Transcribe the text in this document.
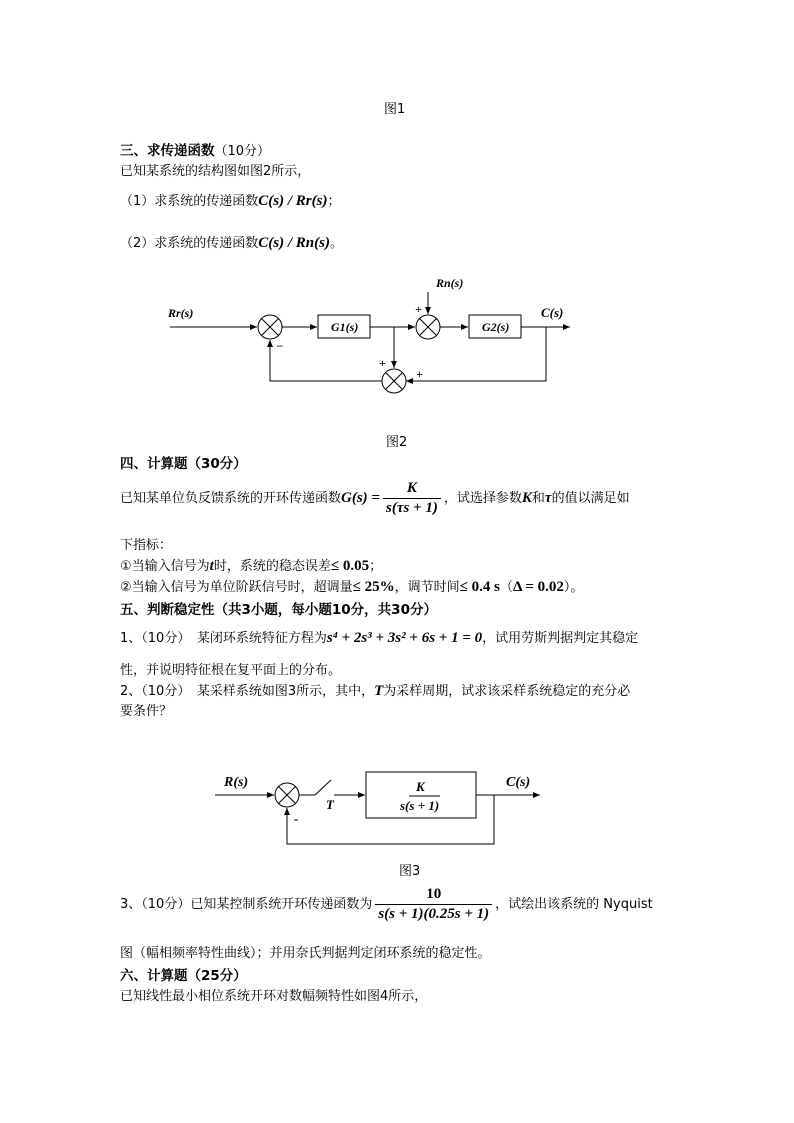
图1
三、求传递函数（10分）
已知某系统的结构图如图2所示，
（1）求系统的传递函数C(s) / Rr(s)；
（2）求系统的传递函数C(s) / Rn(s)。
Rr(s)
Rn(s)
G1(s)	G2(s)
C(s)
−
+
+
+
图2
四、计算题（30分）
已知某单位负反馈系统的开环传递函数$G(s) = \frac{K}{s(\tau s + 1)}$ ，试选择参数K和τ的值以满足如
下指标：
①当输入信号为t时，系统的稳态误差≤ 0.05；
②当输入信号为单位阶跃信号时，超调量≤ 25%，调节时间≤ 0.4 s（Δ = 0.02）。
五、判断稳定性（共3小题，每小题10分，共30分）
1、（10分）　某闭环系统特征方程为s⁴ + 2s³ + 3s² + 6s + 1 = 0，试用劳斯判据判定其稳定
性，并说明特征根在复平面上的分布。
2、（10分）　某采样系统如图3所示，其中，T为采样周期，试求该采样系统稳定的充分必
要条件？
R(s)
T
K
s(s + 1)
C(s)
-
图3
3、（10分）已知某控制系统开环传递函数为 $\frac{10}{s(s + 1)(0.25s + 1)}$ ，试绘出该系统的 Nyquist
图（幅相频率特性曲线）；并用奈氏判据判定闭环系统的稳定性。
六、计算题（25分）
已知线性最小相位系统开环对数幅频特性如图4所示，
